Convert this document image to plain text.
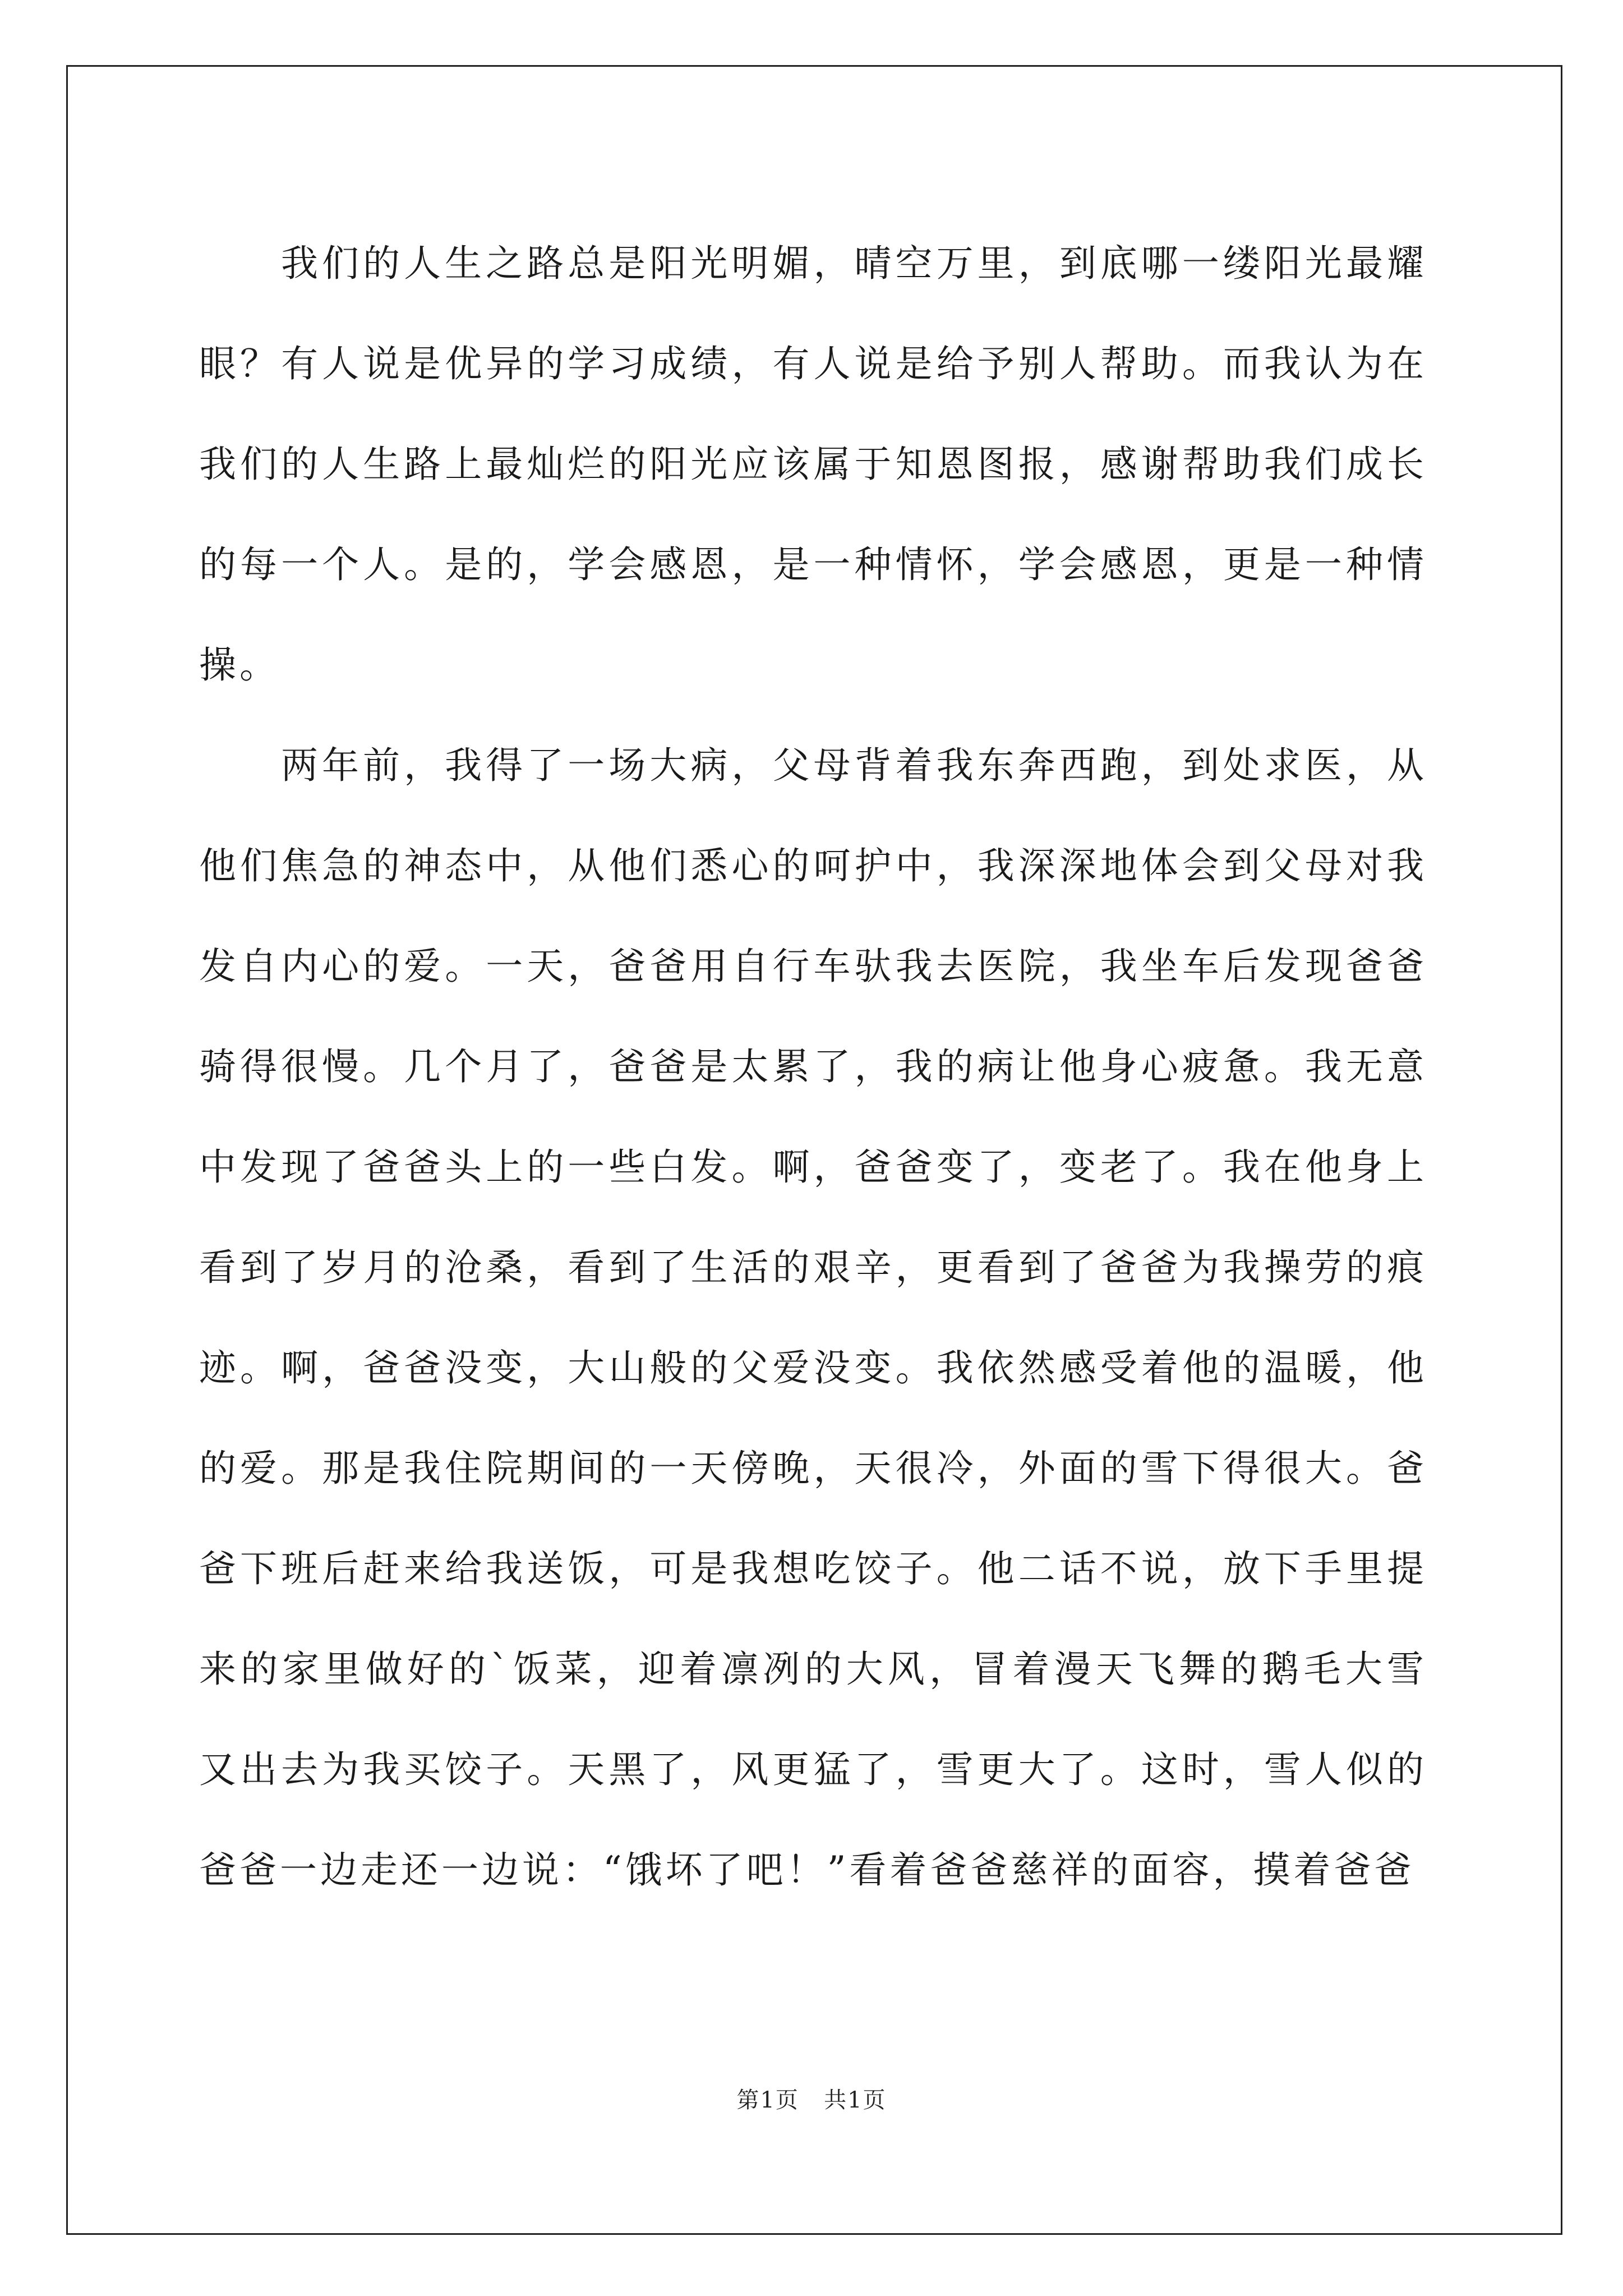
我们的人生之路总是阳光明媚，晴空万里，到底哪一缕阳光最耀眼？有人说是优异的学习成绩，有人说是给予别人帮助。而我认为在我们的人生路上最灿烂的阳光应该属于知恩图报，感谢帮助我们成长的每一个人。是的，学会感恩，是一种情怀，学会感恩，更是一种情操。

两年前，我得了一场大病，父母背着我东奔西跑，到处求医，从他们焦急的神态中，从他们悉心的呵护中，我深深地体会到父母对我发自内心的爱。一天，爸爸用自行车驮我去医院，我坐车后发现爸爸骑得很慢。几个月了，爸爸是太累了，我的病让他身心疲惫。我无意中发现了爸爸头上的一些白发。啊，爸爸变了，变老了。我在他身上看到了岁月的沧桑，看到了生活的艰辛，更看到了爸爸为我操劳的痕迹。啊，爸爸没变，大山般的父爱没变。我依然感受着他的温暖，他的爱。那是我住院期间的一天傍晚，天很冷，外面的雪下得很大。爸爸下班后赶来给我送饭，可是我想吃饺子。他二话不说，放下手里提来的家里做好的`饭菜，迎着凛冽的大风，冒着漫天飞舞的鹅毛大雪又出去为我买饺子。天黑了，风更猛了，雪更大了。这时，雪人似的爸爸一边走还一边说：“饿坏了吧！”看着爸爸慈祥的面容，摸着爸爸

第1页 共1页
